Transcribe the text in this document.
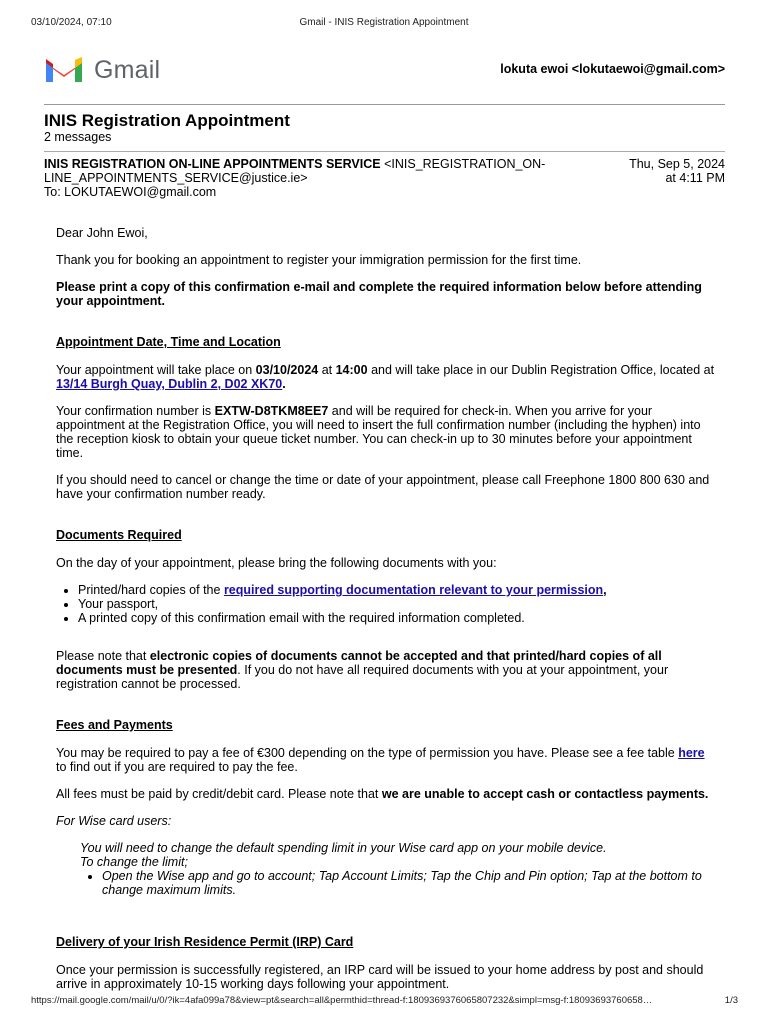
03/10/2024, 07:10	Gmail - INIS Registration Appointment
Gmail	lokuta ewoi <lokutaewoi@gmail.com>
INIS Registration Appointment
2 messages
INIS REGISTRATION ON-LINE APPOINTMENTS SERVICE <INIS_REGISTRATION_ON-
LINE_APPOINTMENTS_SERVICE@justice.ie>
To: LOKUTAEWOI@gmail.com
Thu, Sep 5, 2024
at 4:11 PM

Dear John Ewoi,

Thank you for booking an appointment to register your immigration permission for the first time.

Please print a copy of this confirmation e-mail and complete the required information below before attending your appointment.

Appointment Date, Time and Location

Your appointment will take place on 03/10/2024 at 14:00 and will take place in our Dublin Registration Office, located at 13/14 Burgh Quay, Dublin 2, D02 XK70.

Your confirmation number is EXTW-D8TKM8EE7 and will be required for check-in. When you arrive for your appointment at the Registration Office, you will need to insert the full confirmation number (including the hyphen) into the reception kiosk to obtain your queue ticket number. You can check-in up to 30 minutes before your appointment time.

If you should need to cancel or change the time or date of your appointment, please call Freephone 1800 800 630 and have your confirmation number ready.

Documents Required

On the day of your appointment, please bring the following documents with you:

• Printed/hard copies of the required supporting documentation relevant to your permission,
• Your passport,
• A printed copy of this confirmation email with the required information completed.

Please note that electronic copies of documents cannot be accepted and that printed/hard copies of all documents must be presented. If you do not have all required documents with you at your appointment, your registration cannot be processed.

Fees and Payments

You may be required to pay a fee of €300 depending on the type of permission you have. Please see a fee table here to find out if you are required to pay the fee.

All fees must be paid by credit/debit card. Please note that we are unable to accept cash or contactless payments.

For Wise card users:

You will need to change the default spending limit in your Wise card app on your mobile device.
To change the limit;
• Open the Wise app and go to account; Tap Account Limits; Tap the Chip and Pin option; Tap at the bottom to change maximum limits.
Delivery of your Irish Residence Permit (IRP) Card

Once your permission is successfully registered, an IRP card will be issued to your home address by post and should arrive in approximately 10-15 working days following your appointment.

https://mail.google.com/mail/u/0/?ik=4afa099a78&view=pt&search=all&permthid=thread-f:1809369376065807232&simpl=msg-f:18093693760658…	1/3
